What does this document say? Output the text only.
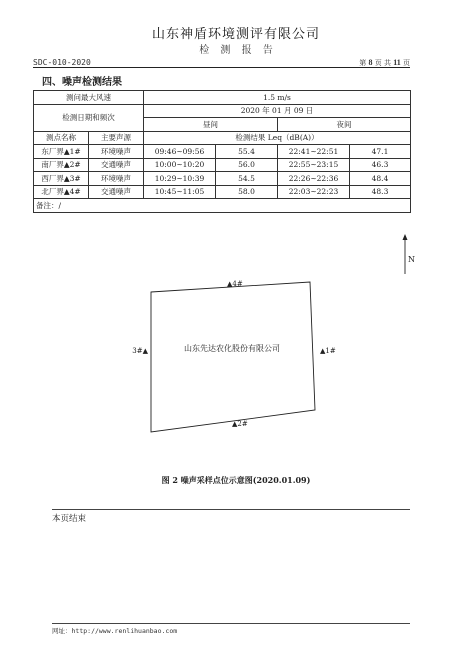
山东神盾环境测评有限公司
检 测 报 告
SDC-010-2020	第 8 页 共 11 页
四、噪声检测结果
测问最大风速		1.5 m/s			
检测日期和频次		2020 年 01 月 09 日			
		昼间		夜间	
测点名称	主要声源	检测结果 Leq（dB(A)）			
东厂界▲1#	环境噪声	09:46~09:56	55.4	22:41~22:51	47.1
南厂界▲2#	交通噪声	10:00~10:20	56.0	22:55~23:15	46.3
西厂界▲3#	环境噪声	10:29~10:39	54.5	22:26~22:36	48.4
北厂界▲4#	交通噪声	10:45~11:05	58.0	22:03~22:23	48.3
备注：/					
N
山东先达农化股份有限公司	▲1#
▲2#
3#▲
▲4#
图 2 噪声采样点位示意图(2020.01.09)
本页结束
网址：http://www.renlihuanbao.com
